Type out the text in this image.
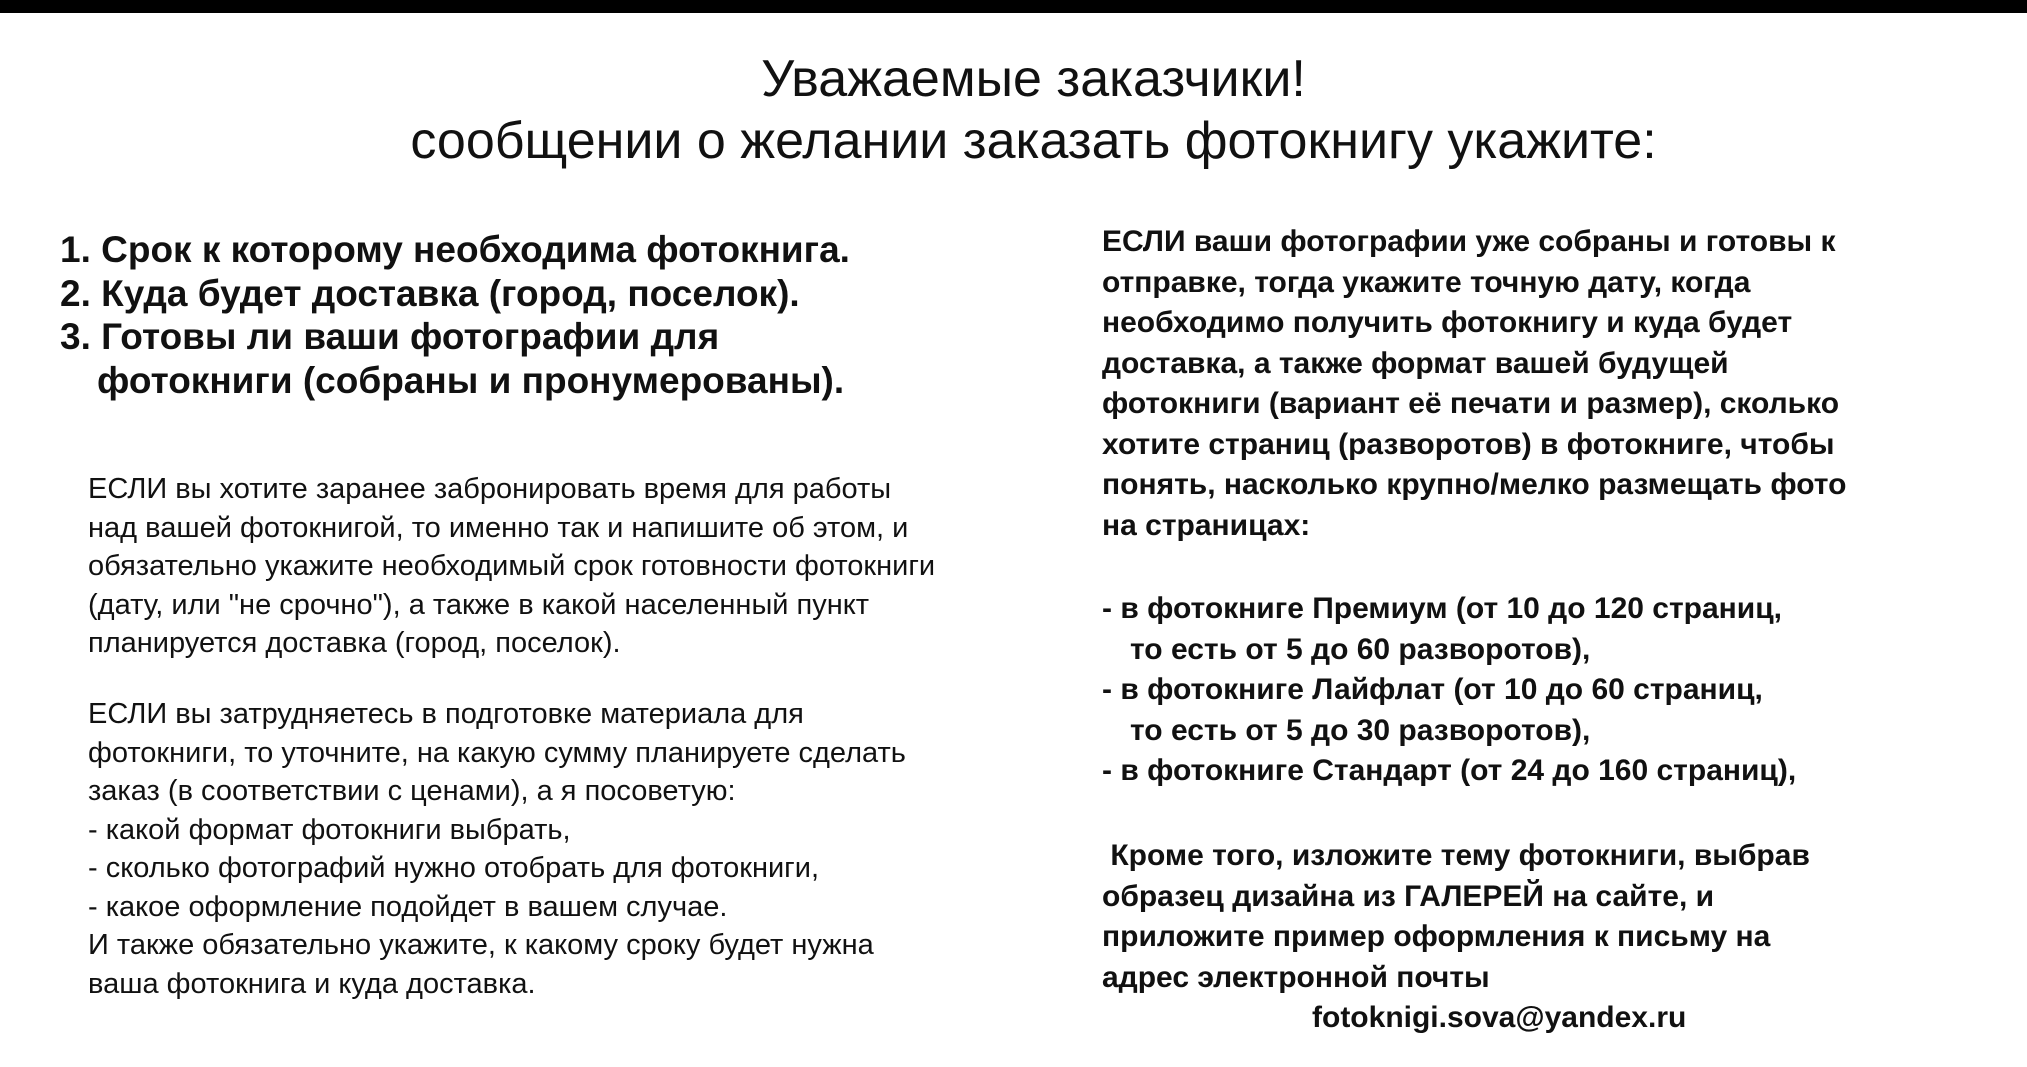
Уважаемые заказчики!
сообщении о желании заказать фотокнигу укажите:
1. Срок к которому необходима фотокнига.
2. Куда будет доставка (город, поселок).
3. Готовы ли ваши фотографии для
фотокниги (собраны и пронумерованы).

ЕСЛИ вы хотите заранее забронировать время для работы
над вашей фотокнигой, то именно так и напишите об этом, и
обязательно укажите необходимый срок готовности фотокниги
(дату, или "не срочно"), а также в какой населенный пункт
планируется доставка (город, поселок).

ЕСЛИ вы затрудняетесь в подготовке материала для
фотокниги, то уточните, на какую сумму планируете сделать
заказ (в соответствии с ценами), а я посоветую:
- какой формат фотокниги выбрать,
- сколько фотографий нужно отобрать для фотокниги,
- какое оформление подойдет в вашем случае.
И также обязательно укажите, к какому сроку будет нужна
ваша фотокнига и куда доставка.

ЕСЛИ ваши фотографии уже собраны и готовы к
отправке, тогда укажите точную дату, когда
необходимо получить фотокнигу и куда будет
доставка, а также формат вашей будущей
фотокниги (вариант её печати и размер), сколько
хотите страниц (разворотов) в фотокниге, чтобы
понять, насколько крупно/мелко размещать фото
на страницах:

- в фотокниге Премиум (от 10 до 120 страниц,
то есть от 5 до 60 разворотов),
- в фотокниге Лайфлат (от 10 до 60 страниц,
то есть от 5 до 30 разворотов),
- в фотокниге Стандарт (от 24 до 160 страниц),

Кроме того, изложите тему фотокниги, выбрав
образец дизайна из ГАЛЕРЕЙ на сайте, и
приложите пример оформления к письму на
адрес электронной почты
fotoknigi.sova@yandex.ru
